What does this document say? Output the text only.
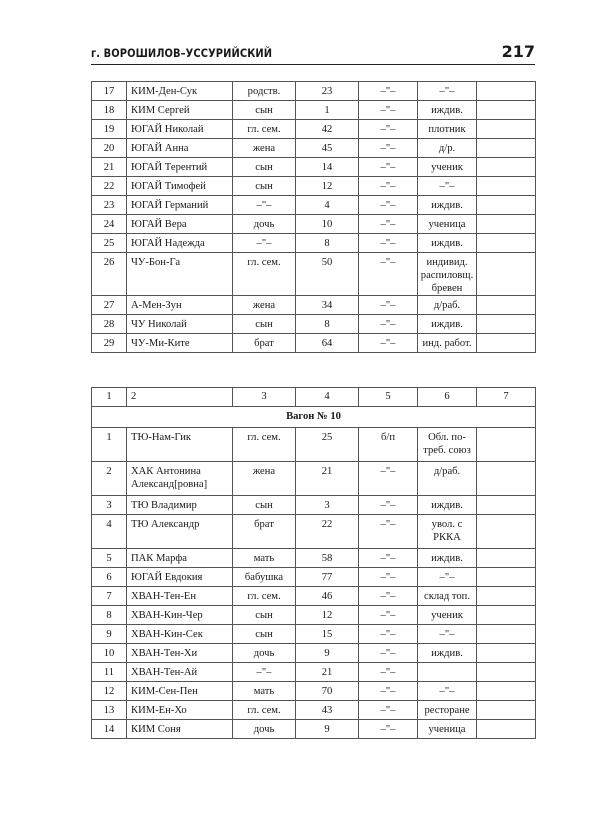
г. ВОРОШИЛОВ–УССУРИЙСКИЙ	217
17	КИМ-Ден-Сук	родств.	23	–"–	–"–	
18	КИМ Сергей	сын	1	–"–	иждив.	
19	ЮГАЙ Николай	гл. сем.	42	–"–	плотник	
20	ЮГАЙ Анна	жена	45	–"–	д/р.	
21	ЮГАЙ Терентий	сын	14	–"–	ученик	
22	ЮГАЙ Тимофей	сын	12	–"–	–"–	
23	ЮГАЙ Германий	–"–	4	–"–	иждив.	
24	ЮГАЙ Вера	дочь	10	–"–	ученица	
25	ЮГАЙ Надежда	–"–	8	–"–	иждив.	
26	ЧУ-Бон-Га	гл. сем.	50	–"–	индивид. распиловщ. бревен	
27	А-Мен-Зун	жена	34	–"–	д/раб.	
28	ЧУ Николай	сын	8	–"–	иждив.	
29	ЧУ-Ми-Ките	брат	64	–"–	инд. работ.	
1	2	3	4	5	6	7
Вагон № 10						
1	ТЮ-Нам-Гик	гл. сем.	25	б/п	Обл. по-треб. союз	
2	ХАК Антонина Александ[ровна]	жена	21	–"–	д/раб.	
3	ТЮ Владимир	сын	3	–"–	иждив.	
4	ТЮ Александр	брат	22	–"–	увол. с РККА	
5	ПАК Марфа	мать	58	–"–	иждив.	
6	ЮГАЙ Евдокия	бабушка	77	–"–	–"–	
7	ХВАН-Тен-Ен	гл. сем.	46	–"–	склад топ.	
8	ХВАН-Кин-Чер	сын	12	–"–	ученик	
9	ХВАН-Кин-Сек	сын	15	–"–	–"–	
10	ХВАН-Тен-Хи	дочь	9	–"–	иждив.	
11	ХВАН-Тен-Ай	–"–	21	–"–		
12	КИМ-Сен-Пен	мать	70	–"–	–"–	
13	КИМ-Ен-Хо	гл. сем.	43	–"–	ресторане	
14	КИМ Соня	дочь	9	–"–	ученица	
